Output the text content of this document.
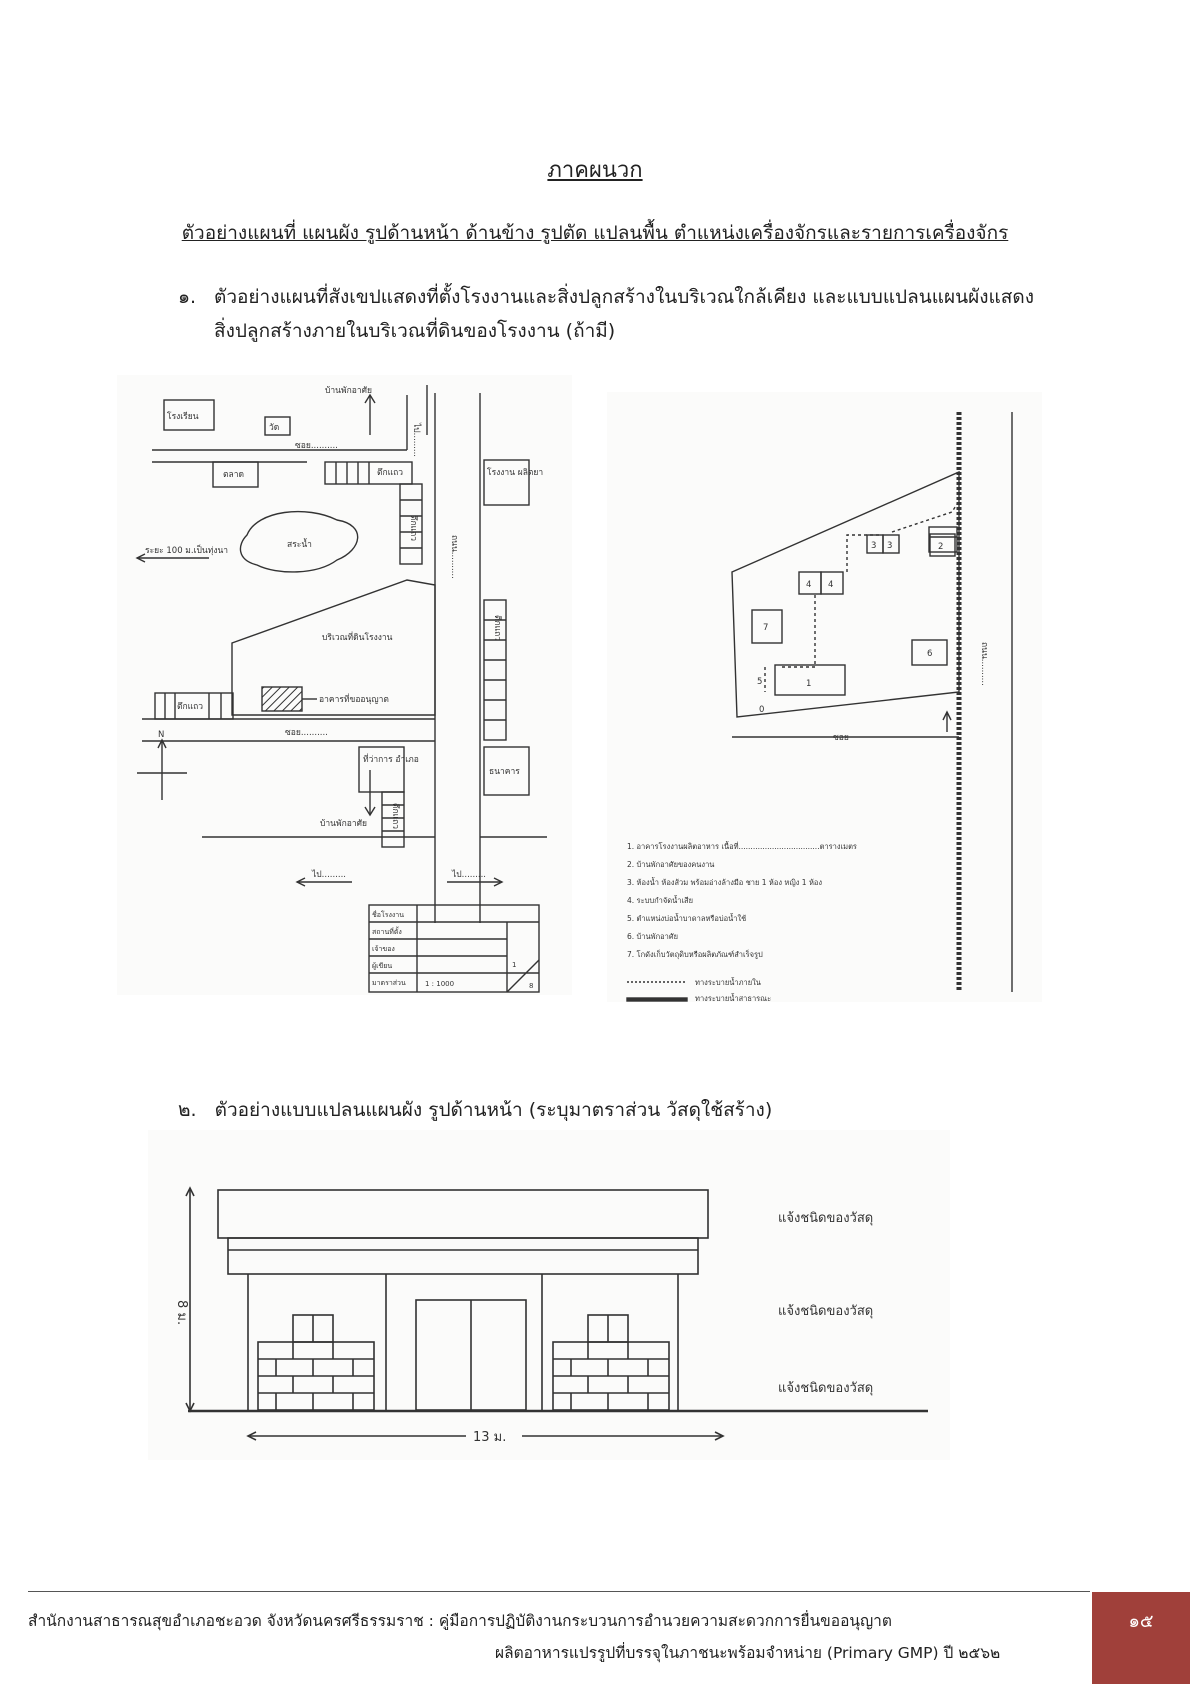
ภาคผนวก
ตัวอย่างแผนที่ แผนผัง รูปด้านหน้า ด้านข้าง รูปตัด แปลนพื้น ตำแหน่งเครื่องจักรและรายการเครื่องจักร
๑. ตัวอย่างแผนที่สังเขปแสดงที่ตั้งโรงงานและสิ่งปลูกสร้างในบริเวณใกล้เคียง และแบบแปลนแผนผังแสดงสิ่งปลูกสร้างภายในบริเวณที่ดินของโรงงาน (ถ้ามี)
บ้านพักอาศัย
โรงเรียน
วัด
ซอย..........
ตลาด	ตึกแถว
ไป.........
โรงงาน ผลิตยา
ตึกแถว
ระยะ 100 ม.เป็นทุ่งนา
สระน้ำ	ถนน..........
บริเวณที่ดินโรงงาน
อาคารที่ขออนุญาต
ตึกแถว
ตึกแถว
ซอย..........
ที่ว่าการ อำเภอ
ธนาคาร
บ้านพักอาศัย	ตึกแถว
N
ไป.........	ไป.........
ชื่อโรงงาน
สถานที่ตั้ง
เจ้าของ
ผู้เขียน
มาตราส่วน	1 : 1000
1
8
1
2
3 3
4 4
5
6
7
0
ซอย
ถนน..........
1. อาคารโรงงานผลิตอาหาร เนื้อที่..................................ตารางเมตร
2. บ้านพักอาศัยของคนงาน
3. ห้องน้ำ ห้องส้วม พร้อมอ่างล้างมือ ชาย 1 ห้อง หญิง 1 ห้อง
4. ระบบกำจัดน้ำเสีย
5. ตำแหน่งบ่อน้ำบาดาลหรือบ่อน้ำใช้
6. บ้านพักอาศัย
7. โกดังเก็บวัตถุดิบหรือผลิตภัณฑ์สำเร็จรูป
ทางระบายน้ำภายใน
ทางระบายน้ำสาธารณะ
๒. ตัวอย่างแบบแปลนแผนผัง รูปด้านหน้า (ระบุมาตราส่วน วัสดุใช้สร้าง)
แจ้งชนิดของวัสดุ
แจ้งชนิดของวัสดุ
แจ้งชนิดของวัสดุ
8 ม.
13 ม.
สำนักงานสาธารณสุขอำเภอชะอวด จังหวัดนครศรีธรรมราช : คู่มือการปฏิบัติงานกระบวนการอำนวยความสะดวกการยื่นขออนุญาต
ผลิตอาหารแปรรูปที่บรรจุในภาชนะพร้อมจำหน่าย (Primary GMP) ปี ๒๕๖๒
๑๕
